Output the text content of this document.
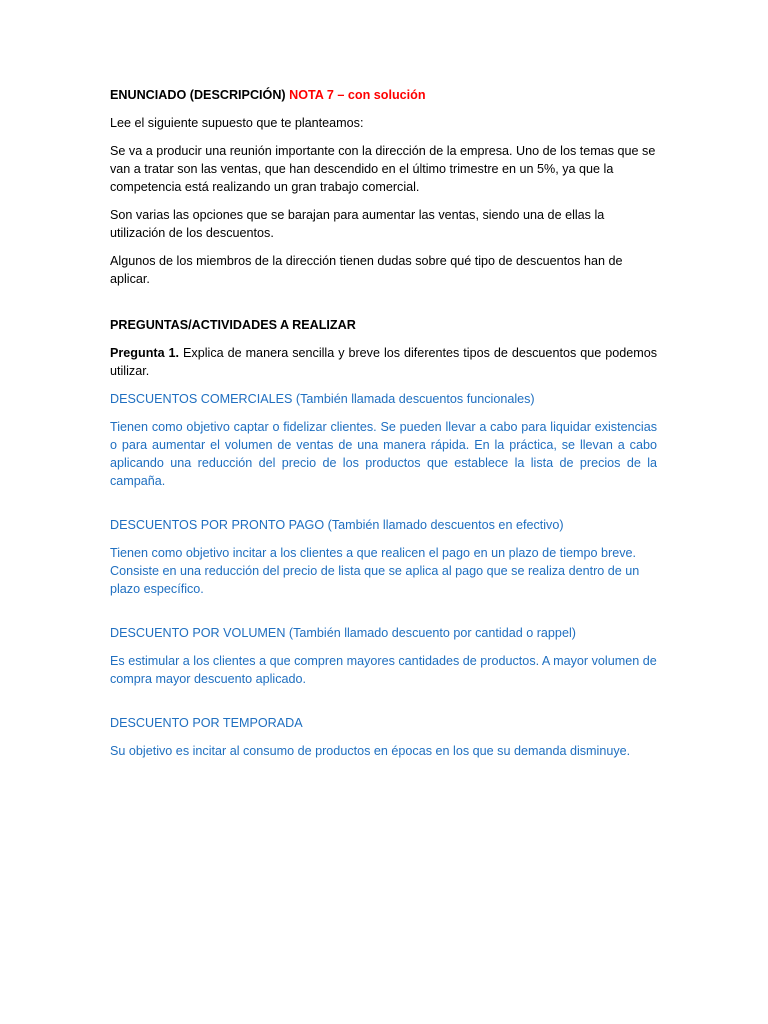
ENUNCIADO (DESCRIPCIÓN) NOTA 7 – con solución

Lee el siguiente supuesto que te planteamos:

Se va a producir una reunión importante con la dirección de la empresa. Uno de los temas que se van a tratar son las ventas, que han descendido en el último trimestre en un 5%, ya que la competencia está realizando un gran trabajo comercial.

Son varias las opciones que se barajan para aumentar las ventas, siendo una de ellas la utilización de los descuentos.

Algunos de los miembros de la dirección tienen dudas sobre qué tipo de descuentos han de aplicar.

PREGUNTAS/ACTIVIDADES A REALIZAR

Pregunta 1. Explica de manera sencilla y breve los diferentes tipos de descuentos que podemos utilizar.

DESCUENTOS COMERCIALES (También llamada descuentos funcionales)

Tienen como objetivo captar o fidelizar clientes. Se pueden llevar a cabo para liquidar existencias o para aumentar el volumen de ventas de una manera rápida. En la práctica, se llevan a cabo aplicando una reducción del precio de los productos que establece la lista de precios de la campaña.

DESCUENTOS POR PRONTO PAGO (También llamado descuentos en efectivo)

Tienen como objetivo incitar a los clientes a que realicen el pago en un plazo de tiempo breve. Consiste en una reducción del precio de lista que se aplica al pago que se realiza dentro de un plazo específico.

DESCUENTO POR VOLUMEN (También llamado descuento por cantidad o rappel)

Es estimular a los clientes a que compren mayores cantidades de productos. A mayor volumen de compra mayor descuento aplicado.

DESCUENTO POR TEMPORADA

Su objetivo es incitar al consumo de productos en épocas en los que su demanda disminuye.
